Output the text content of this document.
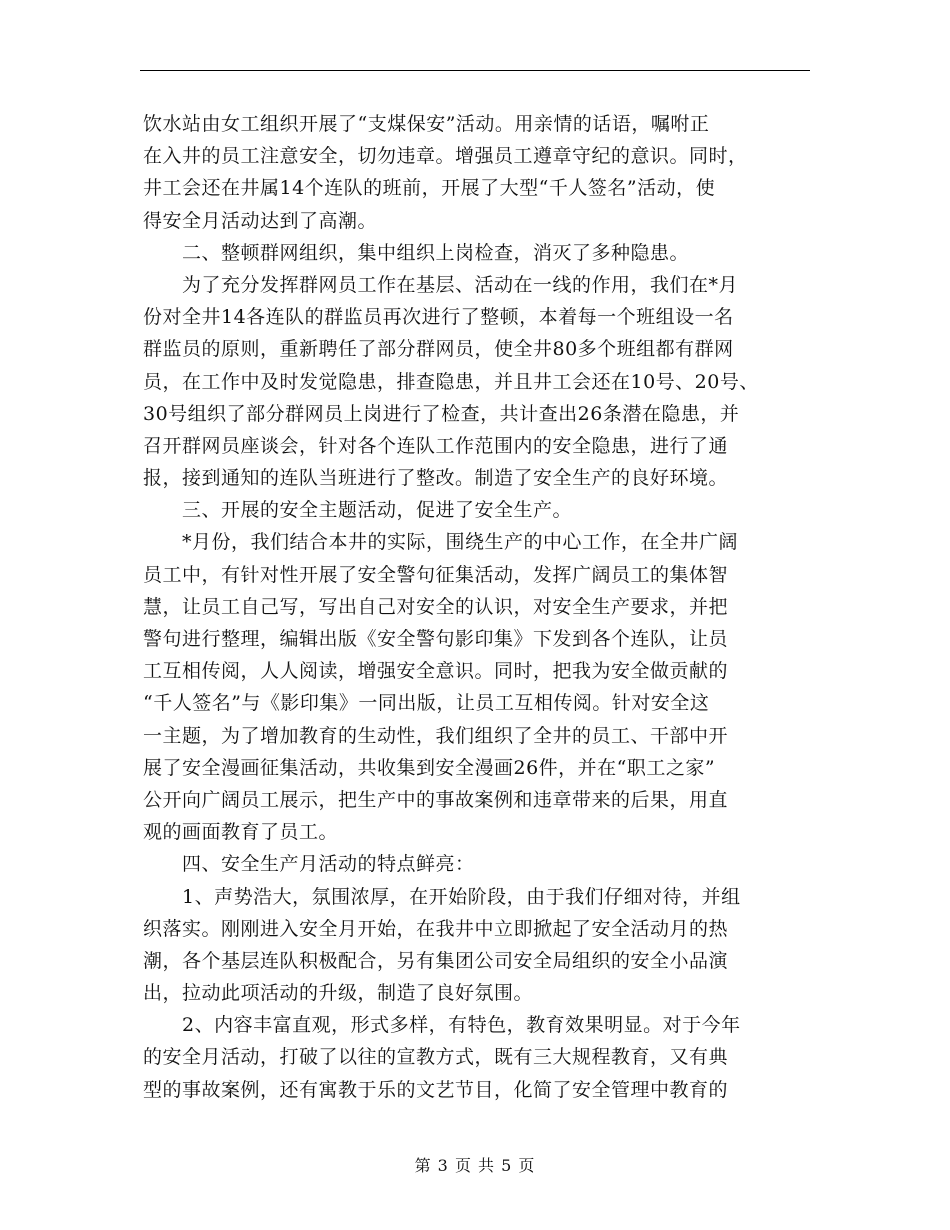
饮水站由女工组织开展了“支煤保安”活动。用亲情的话语，嘱咐正
在入井的员工注意安全，切勿违章。增强员工遵章守纪的意识。同时，
井工会还在井属14个连队的班前，开展了大型“千人签名”活动，使
得安全月活动达到了高潮。
　　二、整顿群网组织，集中组织上岗检查，消灭了多种隐患。
　　为了充分发挥群网员工作在基层、活动在一线的作用，我们在*月
份对全井14各连队的群监员再次进行了整顿，本着每一个班组设一名
群监员的原则，重新聘任了部分群网员，使全井80多个班组都有群网
员，在工作中及时发觉隐患，排查隐患，并且井工会还在10号、20号、
30号组织了部分群网员上岗进行了检查，共计查出26条潜在隐患，并
召开群网员座谈会，针对各个连队工作范围内的安全隐患，进行了通
报，接到通知的连队当班进行了整改。制造了安全生产的良好环境。
　　三、开展的安全主题活动，促进了安全生产。
　　*月份，我们结合本井的实际，围绕生产的中心工作，在全井广阔
员工中，有针对性开展了安全警句征集活动，发挥广阔员工的集体智
慧，让员工自己写，写出自己对安全的认识，对安全生产要求，并把
警句进行整理，编辑出版《安全警句影印集》下发到各个连队，让员
工互相传阅，人人阅读，增强安全意识。同时，把我为安全做贡献的
“千人签名”与《影印集》一同出版，让员工互相传阅。针对安全这
一主题，为了增加教育的生动性，我们组织了全井的员工、干部中开
展了安全漫画征集活动，共收集到安全漫画26件，并在“职工之家”
公开向广阔员工展示，把生产中的事故案例和违章带来的后果，用直
观的画面教育了员工。
　　四、安全生产月活动的特点鲜亮：
　　1、声势浩大，氛围浓厚，在开始阶段，由于我们仔细对待，并组
织落实。刚刚进入安全月开始，在我井中立即掀起了安全活动月的热
潮，各个基层连队积极配合，另有集团公司安全局组织的安全小品演
出，拉动此项活动的升级，制造了良好氛围。
　　2、内容丰富直观，形式多样，有特色，教育效果明显。对于今年
的安全月活动，打破了以往的宣教方式，既有三大规程教育，又有典
型的事故案例，还有寓教于乐的文艺节目，化简了安全管理中教育的
第 3 页 共 5 页
